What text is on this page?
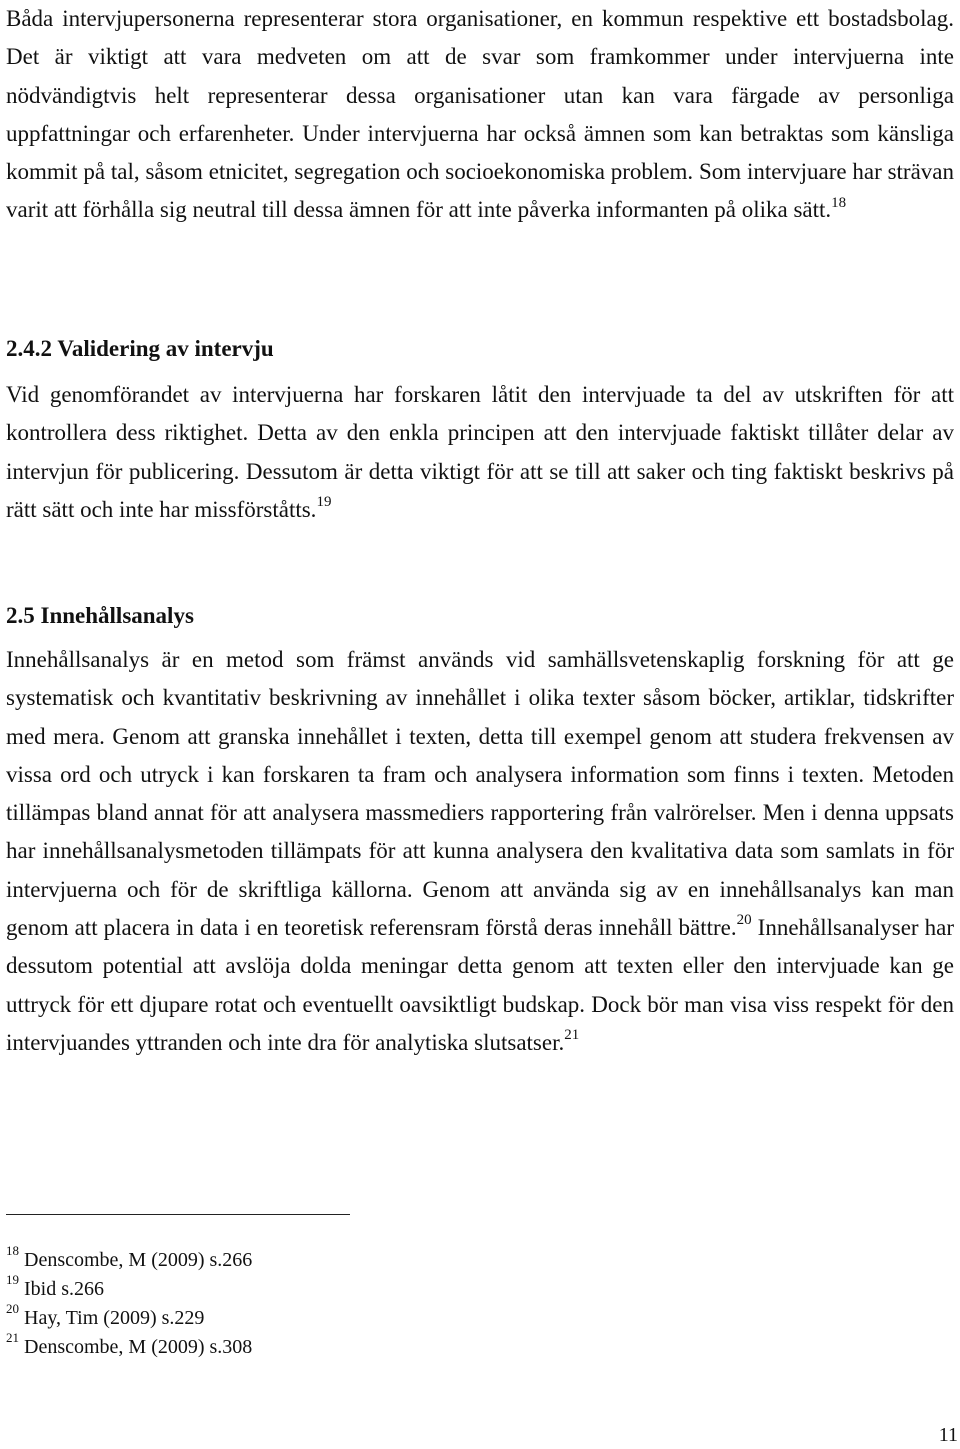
Båda intervjupersonerna representerar stora organisationer, en kommun respektive ett bostadsbolag. Det är viktigt att vara medveten om att de svar som framkommer under intervjuerna inte nödvändigtvis helt representerar dessa organisationer utan kan vara färgade av personliga uppfattningar och erfarenheter. Under intervjuerna har också ämnen som kan betraktas som känsliga kommit på tal, såsom etnicitet, segregation och socioekonomiska problem. Som intervjuare har strävan varit att förhålla sig neutral till dessa ämnen för att inte påverka informanten på olika sätt.$^{18}$

2.4.2 Validering av intervju

Vid genomförandet av intervjuerna har forskaren låtit den intervjuade ta del av utskriften för att kontrollera dess riktighet. Detta av den enkla principen att den intervjuade faktiskt tillåter delar av intervjun för publicering. Dessutom är detta viktigt för att se till att saker och ting faktiskt beskrivs på rätt sätt och inte har missförståtts.$^{19}$

2.5 Innehållsanalys

Innehållsanalys är en metod som främst används vid samhällsvetenskaplig forskning för att ge systematisk och kvantitativ beskrivning av innehållet i olika texter såsom böcker, artiklar, tidskrifter med mera. Genom att granska innehållet i texten, detta till exempel genom att studera frekvensen av vissa ord och utryck i kan forskaren ta fram och analysera information som finns i texten. Metoden tillämpas bland annat för att analysera massmediers rapportering från valrörelser. Men i denna uppsats har innehållsanalysmetoden tillämpats för att kunna analysera den kvalitativa data som samlats in för intervjuerna och för de skriftliga källorna. Genom att använda sig av en innehållsanalys kan man genom att placera in data i en teoretisk referensram förstå deras innehåll bättre.$^{20}$ Innehållsanalyser har dessutom potential att avslöja dolda meningar detta genom att texten eller den intervjuade kan ge uttryck för ett djupare rotat och eventuellt oavsiktligt budskap. Dock bör man visa viss respekt för den intervjuandes yttranden och inte dra för analytiska slutsatser.$^{21}$

$^{18}$ Denscombe, M (2009) s.266
$^{19}$ Ibid s.266
$^{20}$ Hay, Tim (2009) s.229
$^{21}$ Denscombe, M (2009) s.308
11
